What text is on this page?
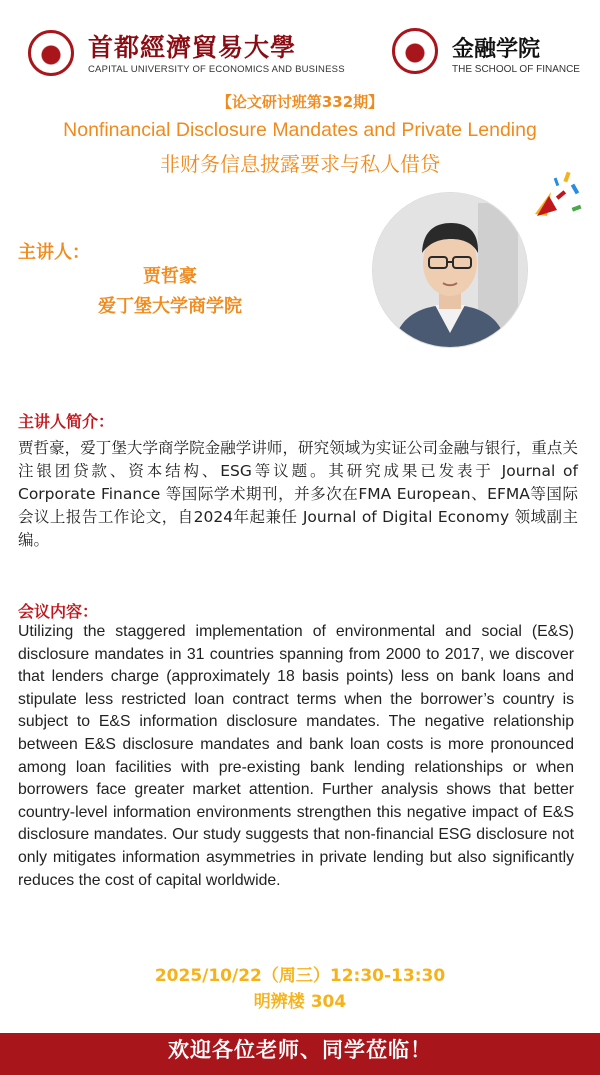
首都經濟貿易大學
CAPITAL UNIVERSITY OF ECONOMICS AND BUSINESS
金融学院
THE SCHOOL OF FINANCE
【论文研讨班第332期】
Nonfinancial Disclosure Mandates and Private Lending
非财务信息披露要求与私人借贷
主讲人：
贾哲豪
爱丁堡大学商学院
主讲人简介：
贾哲豪，爱丁堡大学商学院金融学讲师，研究领域为实证公司金融与银行，重点关注银团贷款、资本结构、ESG等议题。其研究成果已发表于 Journal of Corporate Finance 等国际学术期刊，并多次在FMA European、EFMA等国际会议上报告工作论文，自2024年起兼任 Journal of Digital Economy 领域副主编。
会议内容：
Utilizing the staggered implementation of environmental and social (E&S) disclosure mandates in 31 countries spanning from 2000 to 2017, we discover that lenders charge (approximately 18 basis points) less on bank loans and stipulate less restricted loan contract terms when the borrower’s country is subject to E&S information disclosure mandates. The negative relationship between E&S disclosure mandates and bank loan costs is more pronounced among loan facilities with pre-existing bank lending relationships or when borrowers face greater market attention. Further analysis shows that better country-level information environments strengthen this negative impact of E&S disclosure mandates. Our study suggests that non-financial ESG disclosure not only mitigates information asymmetries in private lending but also significantly reduces the cost of capital worldwide.
2025/10/22（周三）12:30-13:30
明辨楼 304
欢迎各位老师、同学莅临！
